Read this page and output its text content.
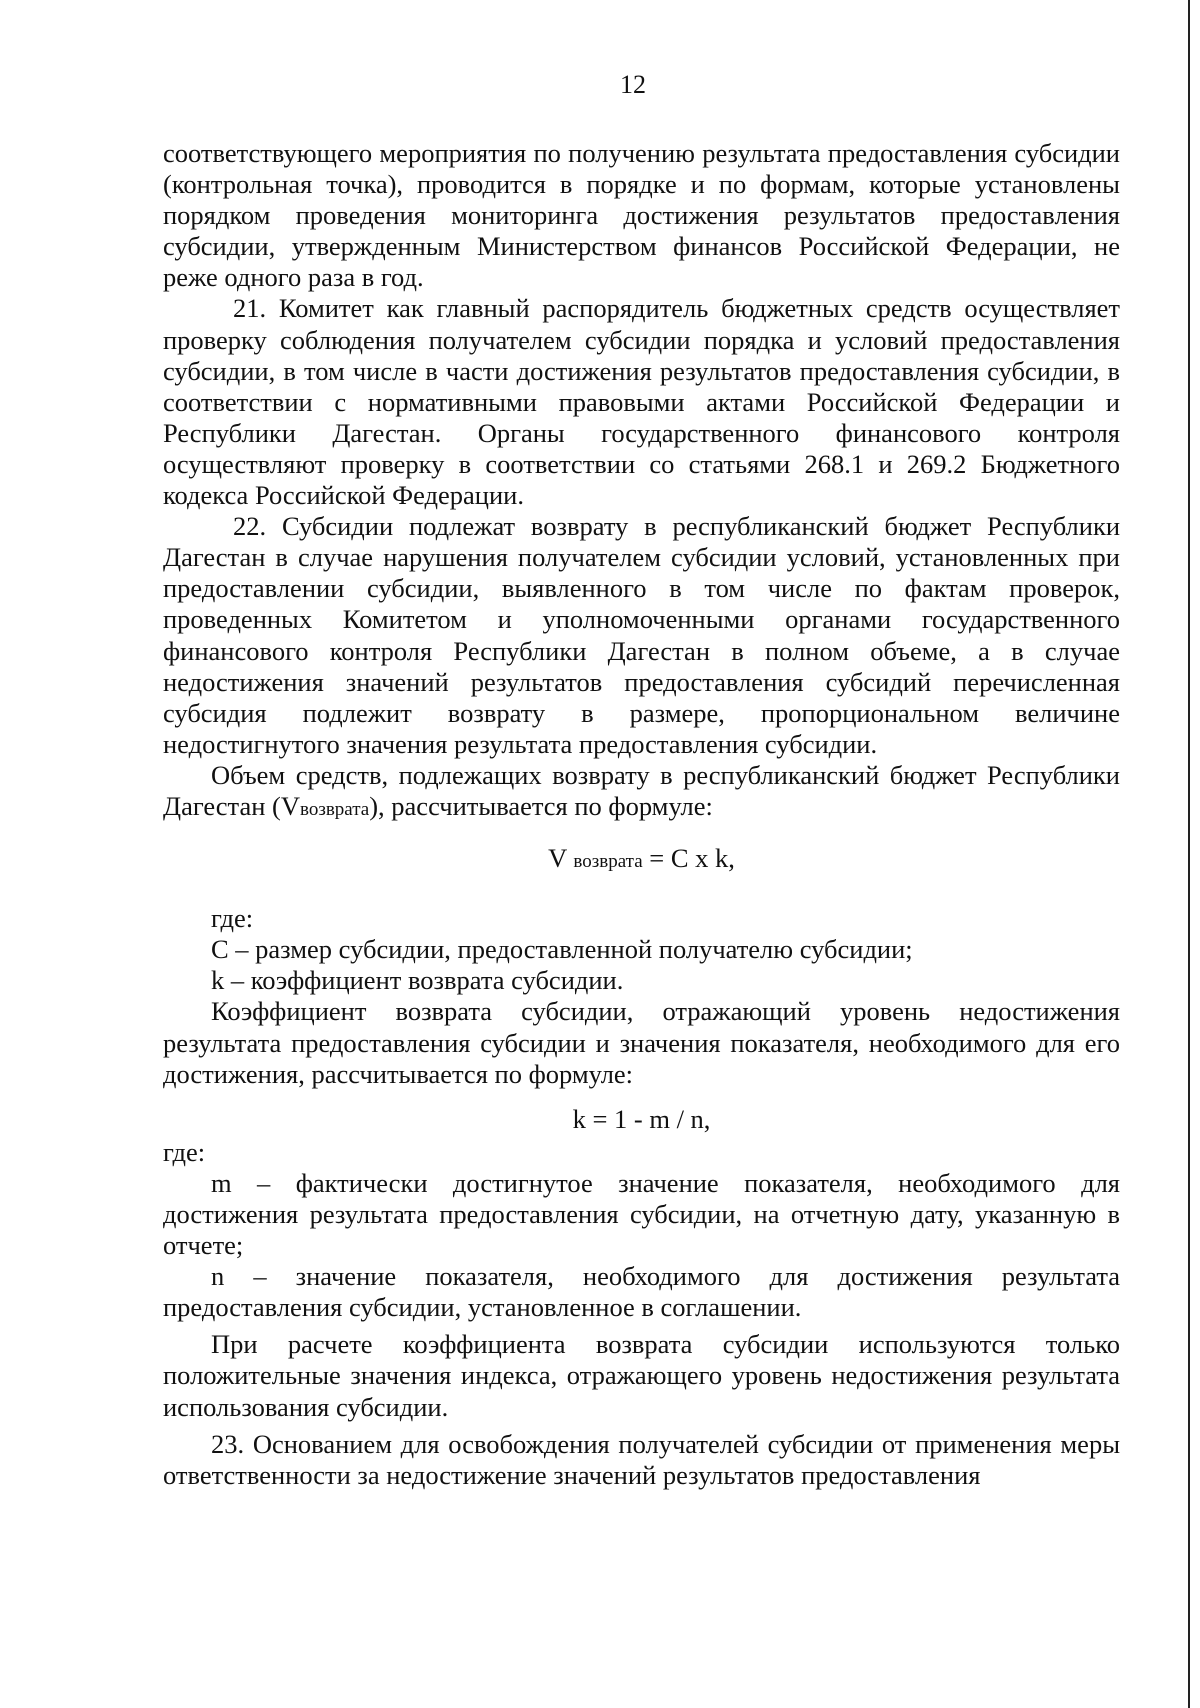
12

соответствующего мероприятия по получению результата предоставления субсидии (контрольная точка), проводится в порядке и по формам, которые установлены порядком проведения мониторинга достижения результатов предоставления субсидии, утвержденным Министерством финансов Российской Федерации, не реже одного раза в год.

21. Комитет как главный распорядитель бюджетных средств осуществляет проверку соблюдения получателем субсидии порядка и условий предоставления субсидии, в том числе в части достижения результатов предоставления субсидии, в соответствии с нормативными правовыми актами Российской Федерации и Республики Дагестан. Органы государственного финансового контроля осуществляют проверку в соответствии со статьями 268.1 и 269.2 Бюджетного кодекса Российской Федерации.

22. Субсидии подлежат возврату в республиканский бюджет Республики Дагестан в случае нарушения получателем субсидии условий, установленных при предоставлении субсидии, выявленного в том числе по фактам проверок, проведенных Комитетом и уполномоченными органами государственного финансового контроля Республики Дагестан в полном объеме, а в случае недостижения значений результатов предоставления субсидий перечисленная субсидия подлежит возврату в размере, пропорциональном величине недостигнутого значения результата предоставления субсидии.

Объем средств, подлежащих возврату в республиканский бюджет Республики Дагестан (Vвозврата), рассчитывается по формуле:

V возврата = C x k,

где:

C – размер субсидии, предоставленной получателю субсидии;

k – коэффициент возврата субсидии.

Коэффициент возврата субсидии, отражающий уровень недостижения результата предоставления субсидии и значения показателя, необходимого для его достижения, рассчитывается по формуле:

k = 1 - m / n,

где:

m – фактически достигнутое значение показателя, необходимого для достижения результата предоставления субсидии, на отчетную дату, указанную в отчете;

n – значение показателя, необходимого для достижения результата предоставления субсидии, установленное в соглашении.

При расчете коэффициента возврата субсидии используются только положительные значения индекса, отражающего уровень недостижения результата использования субсидии.

23. Основанием для освобождения получателей субсидии от применения меры ответственности за недостижение значений результатов предоставления
